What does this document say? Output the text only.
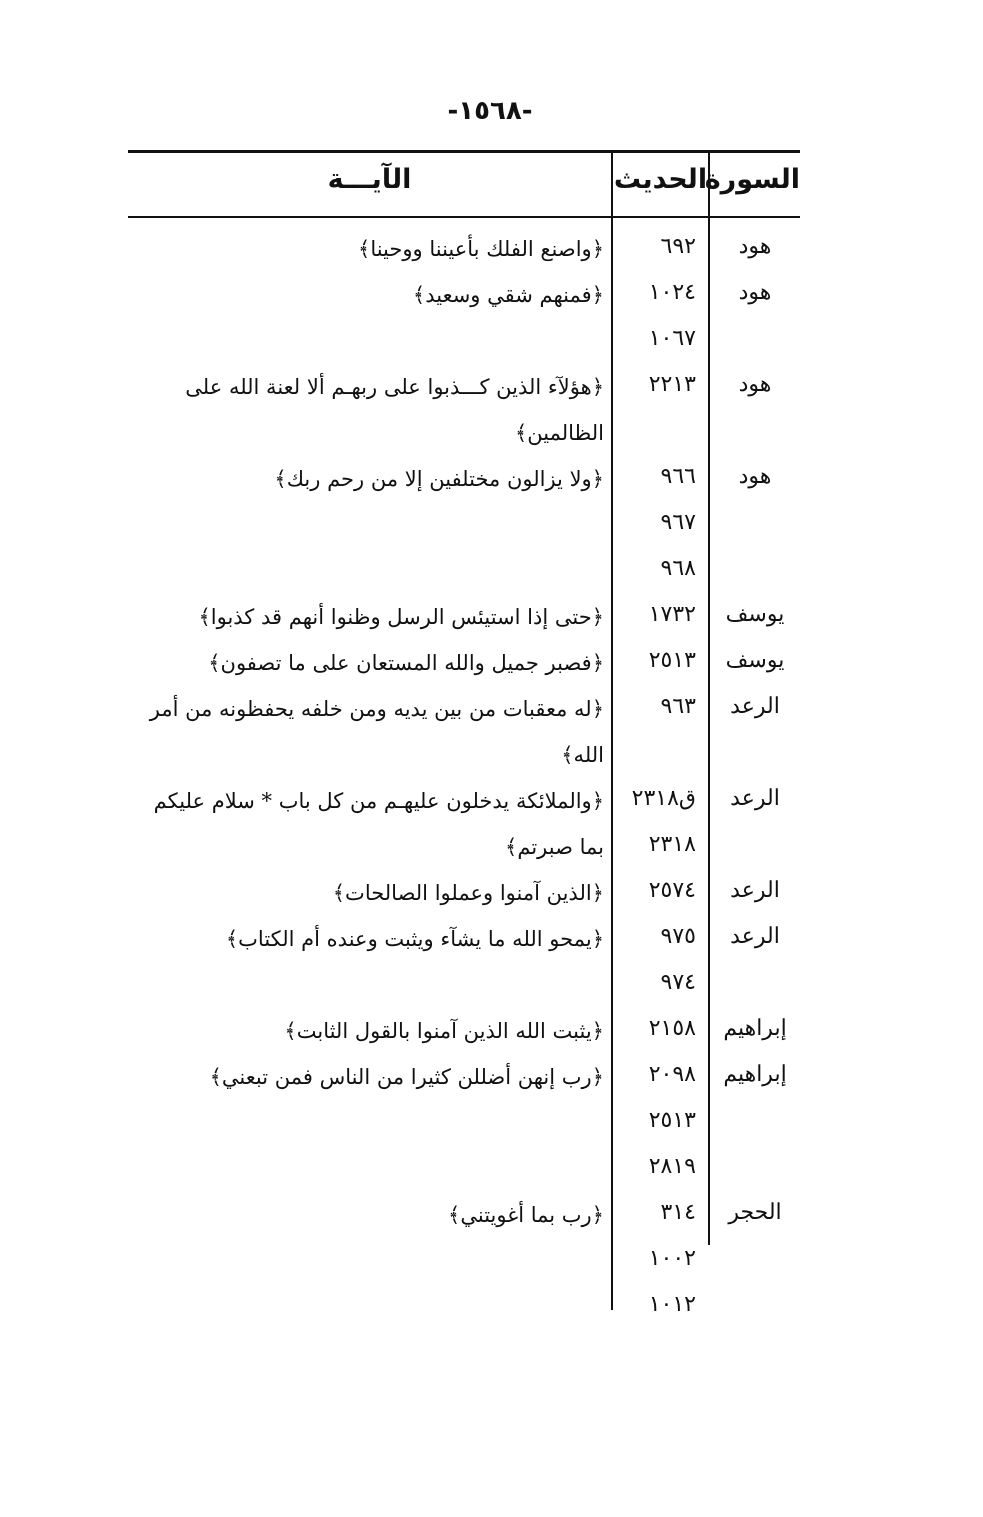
-١٥٦٨-
السورة
الحديث
الآيـــة
هود
٦٩٢
﴿واصنع الفلك بأعيننا ووحينا﴾
هود
١٠٢٤
﴿فمنهم شقي وسعيد﴾
١٠٦٧
هود
٢٢١٣
﴿هؤلآء الذين كـــذبوا على ربهـم ألا لعنة الله على الظالمين﴾
هود
٩٦٦
﴿ولا يزالون مختلفين إلا من رحم ربك﴾
٩٦٧
٩٦٨
يوسف
١٧٣٢
﴿حتى إذا استيئس الرسل وظنوا أنهم قد كذبوا﴾
يوسف
٢٥١٣
﴿فصبر جميل والله المستعان على ما تصفون﴾
الرعد
٩٦٣
﴿له معقبات من بين يديه ومن خلفه يحفظونه من أمر الله﴾
الرعد
ق٢٣١٨
﴿والملائكة يدخلون عليهـم من كل باب * سلام عليكم
٢٣١٨
بما صبرتم﴾
الرعد
٢٥٧٤
﴿الذين آمنوا وعملوا الصالحات﴾
الرعد
٩٧٥
﴿يمحو الله ما يشآء ويثبت وعنده أم الكتاب﴾
٩٧٤
إبراهيم
٢١٥٨
﴿يثبت الله الذين آمنوا بالقول الثابت﴾
إبراهيم
٢٠٩٨
﴿رب إنهن أضللن كثيرا من الناس فمن تبعني﴾
٢٥١٣
٢٨١٩
الحجر
٣١٤
﴿رب بما أغويتني﴾
١٠٠٢
١٠١٢
